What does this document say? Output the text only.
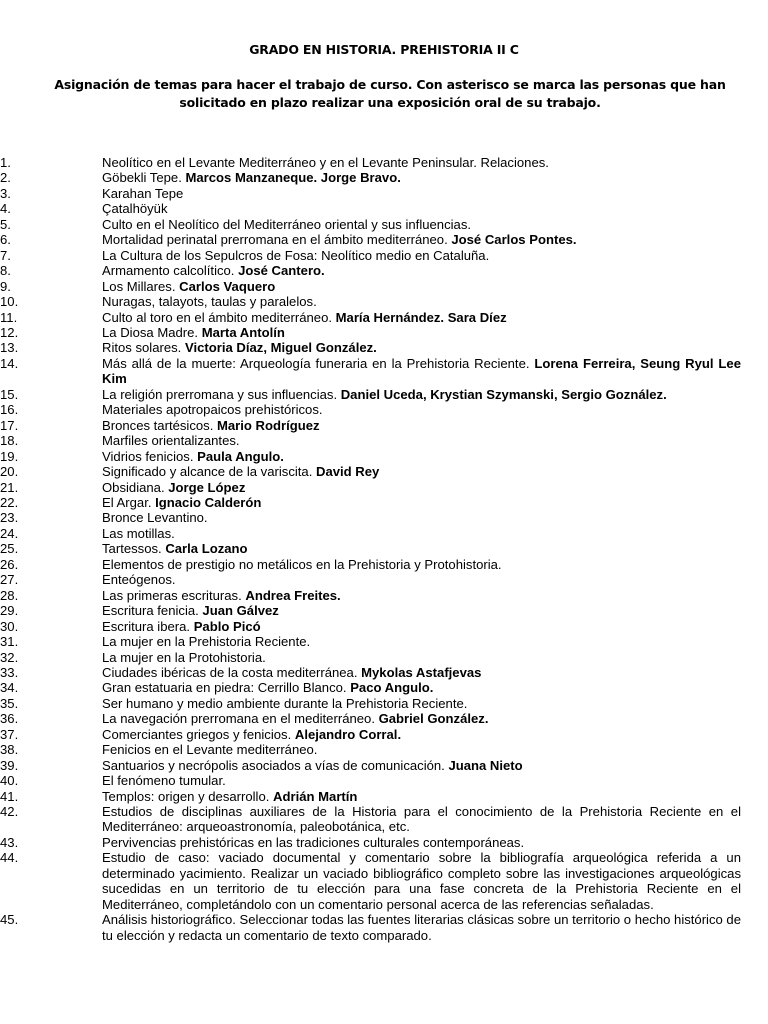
GRADO EN HISTORIA. PREHISTORIA II C
Asignación de temas para hacer el trabajo de curso. Con asterisco se marca las personas que han solicitado en plazo realizar una exposición oral de su trabajo.
1.	Neolítico en el Levante Mediterráneo y en el Levante Peninsular. Relaciones.
2.	Göbekli Tepe. Marcos Manzaneque. Jorge Bravo.
3.	Karahan Tepe
4.	Çatalhöyük
5.	Culto en el Neolítico del Mediterráneo oriental y sus influencias.
6.	Mortalidad perinatal prerromana en el ámbito mediterráneo. José Carlos Pontes.
7.	La Cultura de los Sepulcros de Fosa: Neolítico medio en Cataluña.
8.	Armamento calcolítico. José Cantero.
9.	Los Millares. Carlos Vaquero
10.	Nuragas, talayots, taulas y paralelos.
11.	Culto al toro en el ámbito mediterráneo. María Hernández. Sara Díez
12.	La Diosa Madre. Marta Antolín
13.	Ritos solares. Victoria Díaz, Miguel González.
14.	Más allá de la muerte: Arqueología funeraria en la Prehistoria Reciente. Lorena Ferreira, Seung Ryul Lee Kim
15.	La religión prerromana y sus influencias. Daniel Uceda, Krystian Szymanski, Sergio Goznález.
16.	Materiales apotropaicos prehistóricos.
17.	Bronces tartésicos. Mario Rodríguez
18.	Marfiles orientalizantes.
19.	Vidrios fenicios. Paula Angulo.
20.	Significado y alcance de la variscita. David Rey
21.	Obsidiana. Jorge López
22.	El Argar. Ignacio Calderón
23.	Bronce Levantino.
24.	Las motillas.
25.	Tartessos. Carla Lozano
26.	Elementos de prestigio no metálicos en la Prehistoria y Protohistoria.
27.	Enteógenos.
28.	Las primeras escrituras. Andrea Freites.
29.	Escritura fenicia. Juan Gálvez
30.	Escritura ibera. Pablo Picó
31.	La mujer en la Prehistoria Reciente.
32.	La mujer en la Protohistoria.
33.	Ciudades ibéricas de la costa mediterránea. Mykolas Astafjevas
34.	Gran estatuaria en piedra: Cerrillo Blanco. Paco Angulo.
35.	Ser humano y medio ambiente durante la Prehistoria Reciente.
36.	La navegación prerromana en el mediterráneo. Gabriel González.
37.	Comerciantes griegos y fenicios. Alejandro Corral.
38.	Fenicios en el Levante mediterráneo.
39.	Santuarios y necrópolis asociados a vías de comunicación. Juana Nieto
40.	El fenómeno tumular.
41.	Templos: origen y desarrollo. Adrián Martín
42.	Estudios de disciplinas auxiliares de la Historia para el conocimiento de la Prehistoria Reciente en el Mediterráneo: arqueoastronomía, paleobotánica, etc.
43.	Pervivencias prehistóricas en las tradiciones culturales contemporáneas.
44.	Estudio de caso: vaciado documental y comentario sobre la bibliografía arqueológica referida a un determinado yacimiento. Realizar un vaciado bibliográfico completo sobre las investigaciones arqueológicas sucedidas en un territorio de tu elección para una fase concreta de la Prehistoria Reciente en el Mediterráneo, completándolo con un comentario personal acerca de las referencias señaladas.
45.	Análisis historiográfico. Seleccionar todas las fuentes literarias clásicas sobre un territorio o hecho histórico de tu elección y redacta un comentario de texto comparado.
